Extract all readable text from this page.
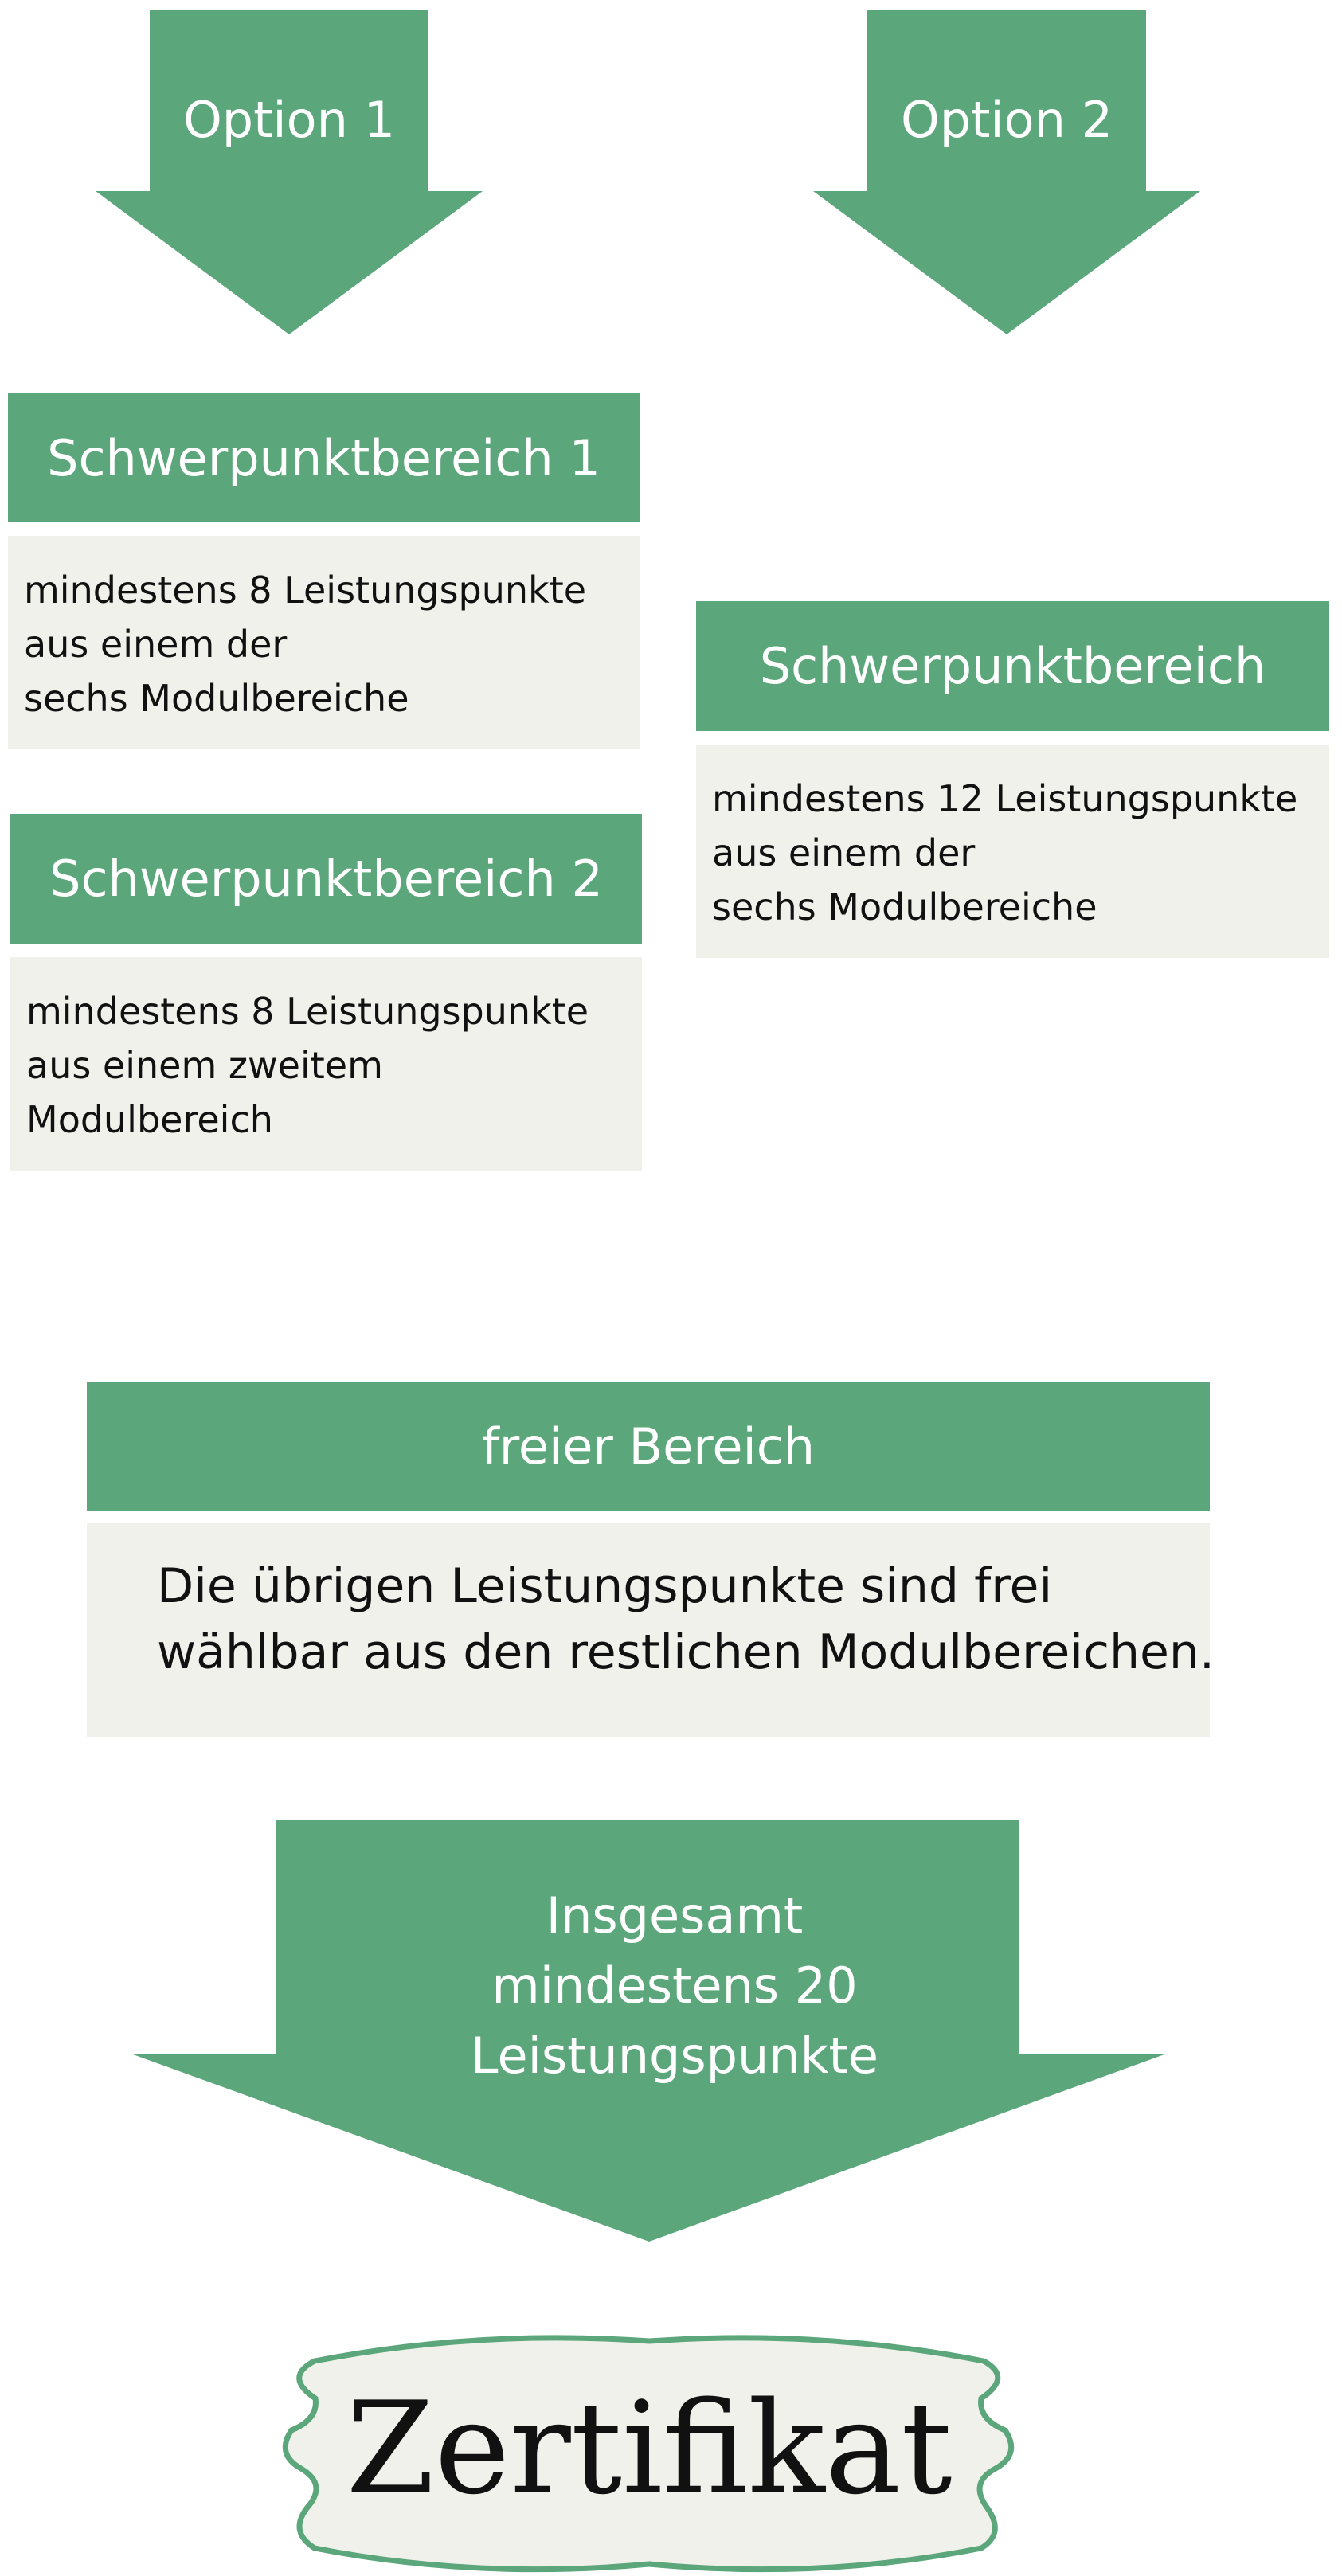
Option 1	Option 2
Schwerpunktbereich 1
mindestens 8 Leistungspunkte
aus einem der
sechs Modulbereiche
Schwerpunktbereich 2
mindestens 8 Leistungspunkte
aus einem zweitem
Modulbereich
Schwerpunktbereich
mindestens 12 Leistungspunkte
aus einem der
sechs Modulbereiche
freier Bereich
Die übrigen Leistungspunkte sind frei
wählbar aus den restlichen Modulbereichen.
Insgesamt
mindestens 20
Leistungspunkte
Zertifikat
